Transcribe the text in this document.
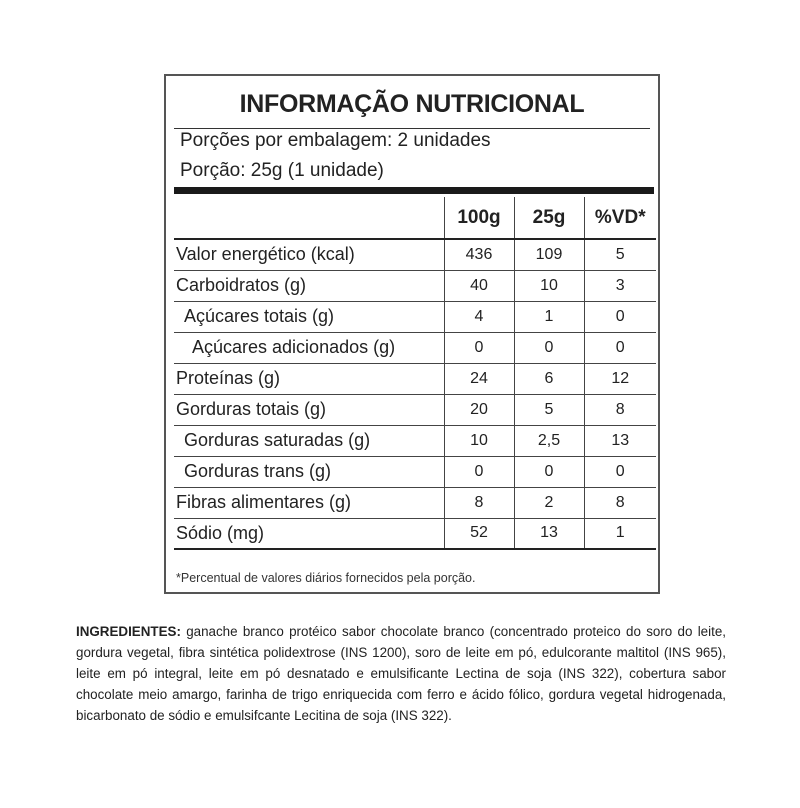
INFORMAÇÃO NUTRICIONAL
Porções por embalagem: 2 unidades
Porção: 25g (1 unidade)
	100g	25g	%VD*
Valor energético (kcal)	436	109	5
Carboidratos (g)	40	10	3
Açúcares totais (g)	4	1	0
Açúcares adicionados (g)	0	0	0
Proteínas (g)	24	6	12
Gorduras totais (g)	20	5	8
Gorduras saturadas (g)	10	2,5	13
Gorduras trans (g)	0	0	0
Fibras alimentares (g)	8	2	8
Sódio (mg)	52	13	1
*Percentual de valores diários fornecidos pela porção.
INGREDIENTES: ganache branco protéico sabor chocolate branco (concentrado proteico do soro do leite, gordura vegetal, fibra sintética polidextrose (INS 1200), soro de leite em pó, edulcorante maltitol (INS 965), leite em pó integral, leite em pó desnatado e emulsificante Lectina de soja (INS 322), cobertura sabor chocolate meio amargo, farinha de trigo enriquecida com ferro e ácido fólico, gordura vegetal hidrogenada, bicarbonato de sódio e emulsifcante Lecitina de soja (INS 322).
